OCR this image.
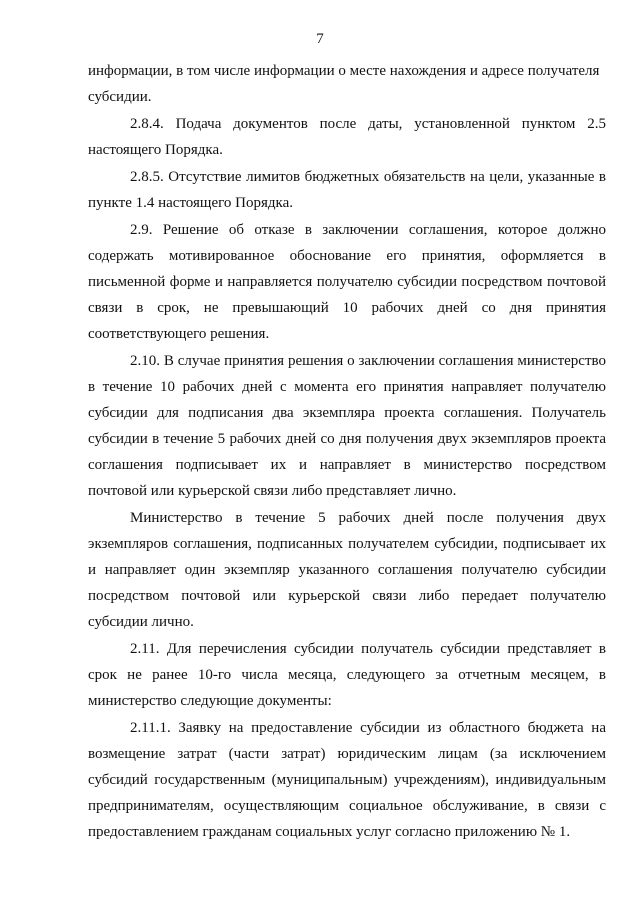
7
информации, в том числе информации о месте нахождения и адресе получателя
субсидии.
2.8.4. Подача документов после даты, установленной пунктом 2.5
настоящего Порядка.
2.8.5. Отсутствие лимитов бюджетных обязательств на цели, указанные в
пункте 1.4 настоящего Порядка.
2.9. Решение об отказе в заключении соглашения, которое должно
содержать мотивированное обоснование его принятия, оформляется в
письменной форме и направляется получателю субсидии посредством почтовой
связи в срок, не превышающий 10 рабочих дней со дня принятия
соответствующего решения.
2.10. В случае принятия решения о заключении соглашения министерство
в течение 10 рабочих дней с момента его принятия направляет получателю
субсидии для подписания два экземпляра проекта соглашения. Получатель
субсидии в течение 5 рабочих дней со дня получения двух экземпляров проекта
соглашения подписывает их и направляет в министерство посредством
почтовой или курьерской связи либо представляет лично.
Министерство в течение 5 рабочих дней после получения двух
экземпляров соглашения, подписанных получателем субсидии, подписывает их
и направляет один экземпляр указанного соглашения получателю субсидии
посредством почтовой или курьерской связи либо передает получателю
субсидии лично.
2.11. Для перечисления субсидии получатель субсидии представляет в
срок не ранее 10-го числа месяца, следующего за отчетным месяцем, в
министерство следующие документы:
2.11.1. Заявку на предоставление субсидии из областного бюджета на
возмещение затрат (части затрат) юридическим лицам (за исключением
субсидий государственным (муниципальным) учреждениям), индивидуальным
предпринимателям, осуществляющим социальное обслуживание, в связи с
предоставлением гражданам социальных услуг согласно приложению № 1.
